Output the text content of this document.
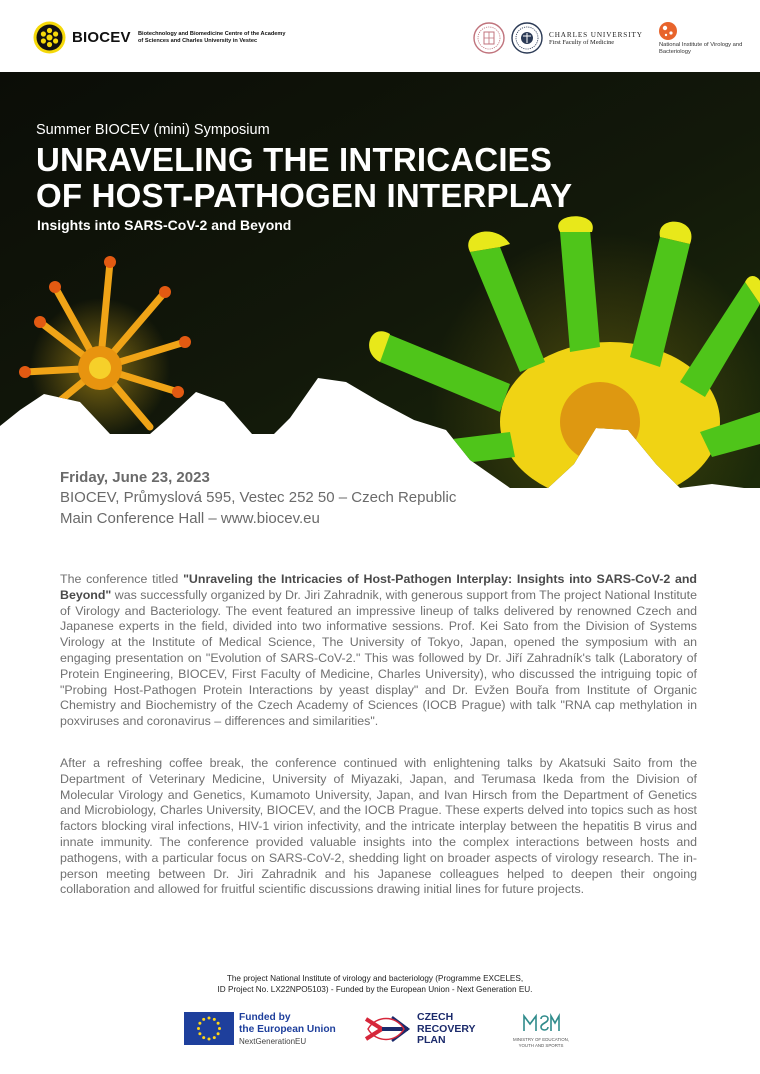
BIOCEV Biotechnology and Biomedicine Centre of the Academy of Sciences and Charles University in Vestec
CHARLES UNIVERSITY
First Faculty of Medicine	National Institute of Virology and Bacteriology
Summer BIOCEV (mini) Symposium
UNRAVELING THE INTRICACIES
OF HOST-PATHOGEN INTERPLAY
Insights into SARS-CoV-2 and Beyond
Friday, June 23, 2023
BIOCEV, Průmyslová 595, Vestec 252 50 – Czech Republic
Main Conference Hall – www.biocev.eu

The conference titled "Unraveling the Intricacies of Host-Pathogen Interplay: Insights into SARS-CoV-2 and Beyond" was successfully organized by Dr. Jiri Zahradnik, with generous support from The project National Institute of Virology and Bacteriology. The event featured an impressive lineup of talks delivered by renowned Czech and Japanese experts in the field, divided into two informative sessions. Prof. Kei Sato from the Division of Systems Virology at the Institute of Medical Science, The University of Tokyo, Japan, opened the symposium with an engaging presentation on "Evolution of SARS-CoV-2." This was followed by Dr. Jiří Zahradník's talk (Laboratory of Protein Engineering, BIOCEV, First Faculty of Medicine, Charles University), who discussed the intriguing topic of "Probing Host-Pathogen Protein Interactions by yeast display" and Dr. Evžen Bouřa from Institute of Organic Chemistry and Biochemistry of the Czech Academy of Sciences (IOCB Prague) with talk "RNA cap methylation in poxviruses and coronavirus – differences and similarities".

After a refreshing coffee break, the conference continued with enlightening talks by Akatsuki Saito from the Department of Veterinary Medicine, University of Miyazaki, Japan, and Terumasa Ikeda from the Division of Molecular Virology and Genetics, Kumamoto University, Japan, and Ivan Hirsch from the Department of Genetics and Microbiology, Charles University, BIOCEV, and the IOCB Prague. These experts delved into topics such as host factors blocking viral infections, HIV-1 virion infectivity, and the intricate interplay between the hepatitis B virus and innate immunity. The conference provided valuable insights into the complex interactions between hosts and pathogens, with a particular focus on SARS-CoV-2, shedding light on broader aspects of virology research. The in-person meeting between Dr. Jiri Zahradnik and his Japanese colleagues helped to deepen their ongoing collaboration and allowed for fruitful scientific discussions drawing initial lines for future projects.

The project National Institute of virology and bacteriology (Programme EXCELES,
ID Project No. LX22NPO5103) - Funded by the European Union - Next Generation EU.
Funded by
the European Union
NextGenerationEU
CZECH
RECOVERY
PLAN	MINISTRY OF EDUCATION, YOUTH AND SPORTS
